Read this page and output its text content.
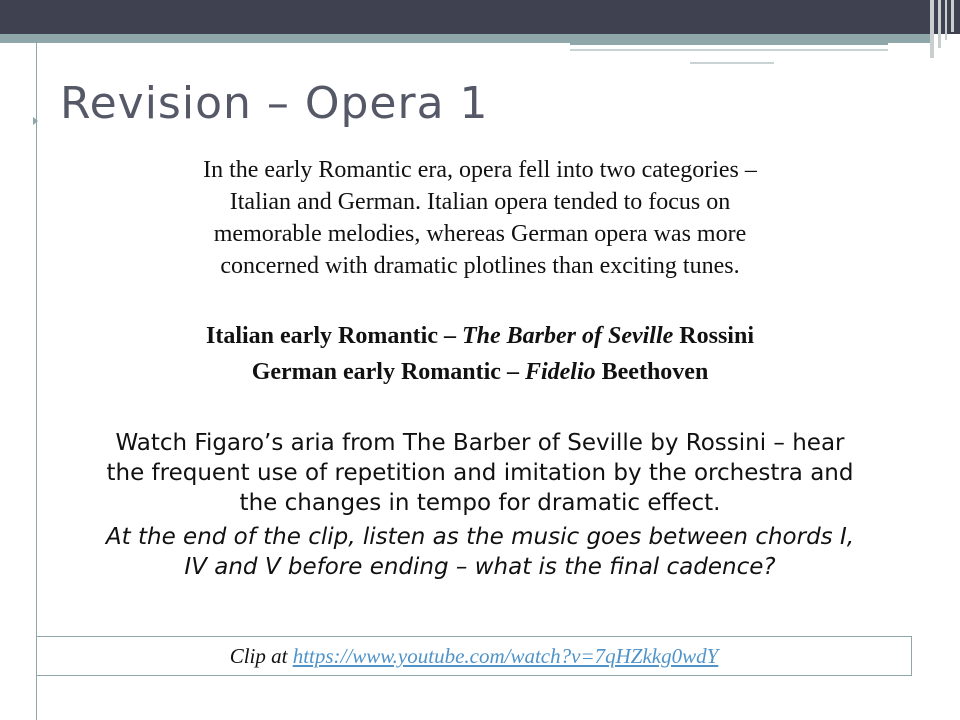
Revision – Opera 1

In the early Romantic era, opera fell into two categories –
Italian and German. Italian opera tended to focus on
memorable melodies, whereas German opera was more
concerned with dramatic plotlines than exciting tunes.

Italian early Romantic – The Barber of Seville Rossini
German early Romantic – Fidelio Beethoven

Watch Figaro’s aria from The Barber of Seville by Rossini – hear
the frequent use of repetition and imitation by the orchestra and
the changes in tempo for dramatic effect.

At the end of the clip, listen as the music goes between chords I,
IV and V before ending – what is the final cadence?

Clip at https://www.youtube.com/watch?v=7qHZkkg0wdY
